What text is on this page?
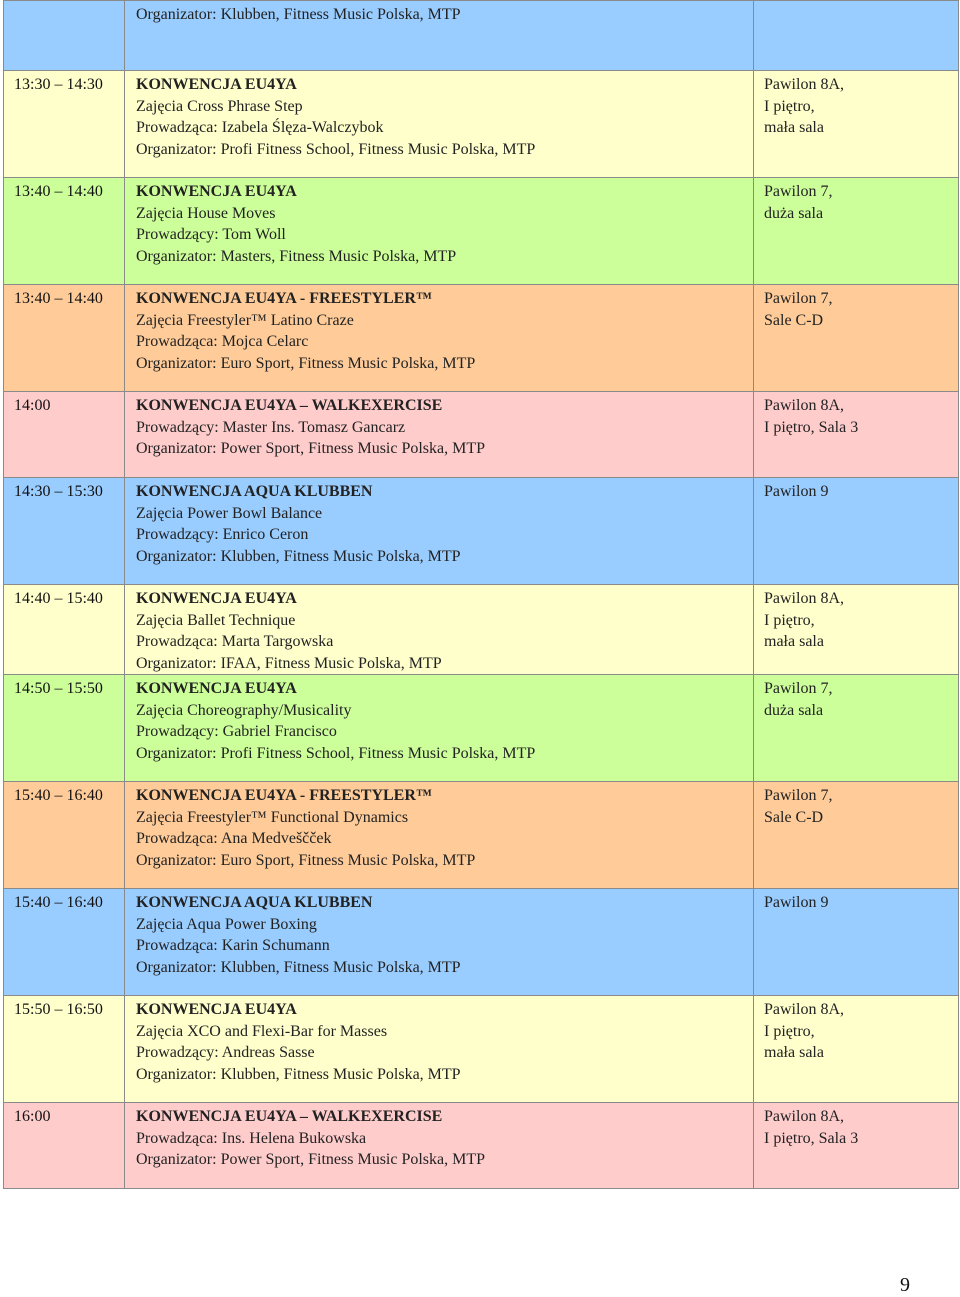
	Organizator: Klubben, Fitness Music Polska, MTP	

13:30 – 14:30	KONWENCJA EU4YA
Zajęcia Cross Phrase Step
Prowadząca: Izabela Ślęza-Walczybok
Organizator: Profi Fitness School, Fitness Music Polska, MTP	Pawilon 8A,
I piętro,
mała sala

13:40 – 14:40	KONWENCJA EU4YA
Zajęcia House Moves
Prowadzący: Tom Woll
Organizator: Masters, Fitness Music Polska, MTP	Pawilon 7,
duża sala

13:40 – 14:40	KONWENCJA EU4YA - FREESTYLER™
Zajęcia Freestyler™ Latino Craze
Prowadząca: Mojca Celarc
Organizator: Euro Sport, Fitness Music Polska, MTP	Pawilon 7,
Sale C-D

14:00	KONWENCJA EU4YA – WALKEXERCISE
Prowadzący: Master Ins. Tomasz Gancarz
Organizator: Power Sport, Fitness Music Polska, MTP	Pawilon 8A,
I piętro, Sala 3

14:30 – 15:30	KONWENCJA AQUA KLUBBEN
Zajęcia Power Bowl Balance
Prowadzący: Enrico Ceron
Organizator: Klubben, Fitness Music Polska, MTP	Pawilon 9

14:40 – 15:40	KONWENCJA EU4YA
Zajęcia Ballet Technique
Prowadząca: Marta Targowska
Organizator: IFAA, Fitness Music Polska, MTP	Pawilon 8A,
I piętro,
mała sala

14:50 – 15:50	KONWENCJA EU4YA
Zajęcia Choreography/Musicality
Prowadzący: Gabriel Francisco
Organizator: Profi Fitness School, Fitness Music Polska, MTP	Pawilon 7,
duża sala

15:40 – 16:40	KONWENCJA EU4YA - FREESTYLER™
Zajęcia Freestyler™ Functional Dynamics
Prowadząca: Ana Medveščček
Organizator: Euro Sport, Fitness Music Polska, MTP	Pawilon 7,
Sale C-D

15:40 – 16:40	KONWENCJA AQUA KLUBBEN
Zajęcia Aqua Power Boxing
Prowadząca: Karin Schumann
Organizator: Klubben, Fitness Music Polska, MTP	Pawilon 9

15:50 – 16:50	KONWENCJA EU4YA
Zajęcia XCO and Flexi-Bar for Masses
Prowadzący: Andreas Sasse
Organizator: Klubben, Fitness Music Polska, MTP	Pawilon 8A,
I piętro,
mała sala

16:00	KONWENCJA EU4YA – WALKEXERCISE
Prowadząca: Ins. Helena Bukowska
Organizator: Power Sport, Fitness Music Polska, MTP	Pawilon 8A,
I piętro, Sala 3
9
